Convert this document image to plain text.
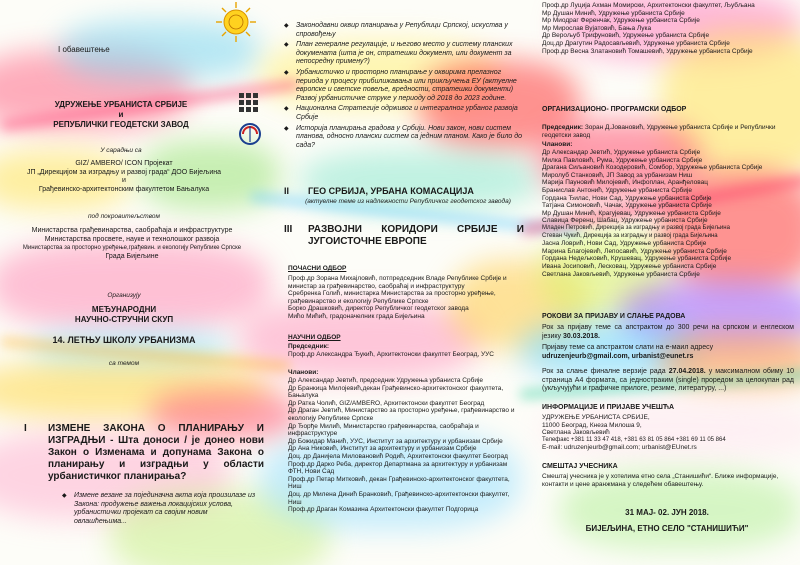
I обавештење
УДРУЖЕЊЕ УРБАНИСТА СРБИЈЕ
и
РЕПУБЛИЧКИ ГЕОДЕТСКИ ЗАВОД
У сарадњи са
GIZ/ AMBERO/ ICON Пројекат
ЈП „Дирекцијом за изградњу и развој града“ ДОО Бијељина
и
Грађевинско-архитектонским факултетом Бањалука
под покровитељством
Министарства грађевинарства, саобраћаја и инфраструктуре
Министарства просвете, науке и технолошког развоја
Министарства за просторно уређење,грађевин. и екологију Републике Српске
Града Бијељине
Организују
МЕЂУНАРОДНИ
НАУЧНО-СТРУЧНИ СКУП
14. ЛЕТЊУ ШКОЛУ УРБАНИЗМА
са темом
I	ИЗМЕНЕ ЗАКОНА О ПЛАНИРАЊУ И ИЗГРАДЊИ - Шта доноси / је донео нови Закон о Изменама и допунама Закона о планирању и изградњи у области урбанистичког планирања?
◆ Измене везане за појединачна акта која произилазе из Закона: продужење важења локацијских услова, урбанистички пројекат са својим новим овлашћењима...
◆ Законодавни оквир планирања у Републици Српској, искуства у спровођењу
◆ План генералне регулације, и његово место у систему планских докумената (шта је он, стратешки документ, или документ за непосредну примену?)
◆ Урбанистичко и просторно планирање у оквирима прелазног периода у процесу прибилижавања или прикључења ЕУ (актуелне европске и светске повеље, вредности, стратешки документи) Развој урбанистичке струке у периоду од 2018 до 2023 године.
◆ Национална Стратегије одрживог и интегралног урбаног развоја Србије
◆ Историја планирања градова у Србији. Нови закон, нови систем планова, односно плански систем са једним планом. Како је било до сада?
II	ГЕО СРБИЈА, УРБАНА КОМАСАЦИЈА
(актуелне теме из надлежности Републичког геодетског завода)
III	РАЗВОЈНИ КОРИДОРИ СРБИЈЕ И ЈУГОИСТОЧНЕ ЕВРОПЕ
ПОЧАСНИ ОДБОР
Проф.др Зорана Михајловић, потпредседник Владе Републике Србије и министар за грађевинарство, саобраћај и инфраструктуру
Сребренка Голић, министарка Министарства за просторно уређење, грађевинарство и екологију Републике Српске
Борко Драшковић, директор Републичког геодетског завода
Мићо Мићић, градоначелник града Бијељина
НАУЧНИ ОДБОР
Председник:
Проф.др Александра Ђукић, Архитектонски факултет Београд, УУС
Чланови:
Др Александар Јевтић, председник Удружења урбаниста Србије
Др Бранкица Милојевић,декан Грађевинско-архитектонског факултета, Бањалука
Др Ратка Чолић, GIZ/AMBERO, Архитектонски факултет Београд
Др Драган Јевтић, Министарство за просторно уређење, грађевинарство и екологију Републике Српске
Др Ђорђе Милић, Министарство грађевинарства, саобраћаја и инфраструктуре
Др Божидар Манић, УУС, Институт за архитектуру и урбанизам Србије
Др Ана Никовић, Институт за архитектуру и урбанизам Србије
Доц. др Данијела Миловановић Родић, Архитектонски факултет Београд
Проф.др Дарко Реба, директор Департмана за архитектуру и урбанизам ФТН, Нови Сад
Проф.др Петар Митковић, декан Грађевинско-архитектонског факултета, Ниш
Доц. др Милена Динић Бранковић, Грађевинско-архитектонски факултет, Ниш
Проф.др Драган Комазина Архитектонски факултет Подгорица
Проф.др Луција Ахман Момирски, Архитектонски факултет, Љубљана
Мр Душан Минић, Удружење урбаниста Србије
Мр Миодраг Ференчак, Удружење урбаниста Србије
Мр Мирослав Вујатовић, Бања Лука
Др Верољуб Трифуновић, Удружење урбаниста Србије
Доц.др Драгутин Радосављевић, Удружење урбаниста Србије
Проф.др Весна Златановић Томашевић, Удружење урбаниста Србије
ОРГАНИЗАЦИОНО- ПРОГРАМСКИ ОДБОР
Председник: Зоран Д.Јовановић, Удружење урбаниста Србије и Републички геодетски завод
Чланови:
Др Александар Јевтић, Удружење урбаниста Србије
Милка Павловић, Рума, Удружење урбаниста Србије
Драгана Сиљановић Козодеровић, Сомбор, Удружење урбаниста Србије
Миролуб Станковић, ЈП Завод за урбанизам Ниш
Марија Пауновић Милојевић, Инфоплан, Аранђеловац
Бранислав Антонић, Удружење урбаниста Србије
Гордана Ђилас, Нови Сад, Удружење урбаниста Србије
Татјана Симоновић, Чачак, Удружење урбаниста Србије
Мр Душан Минић, Крагујевац, Удружење урбаниста Србије
Славица Ференц, Шабац, Удружење урбаниста Србије
Младен Петровић, Дирекција за изградњу и развој града Бијељина
Стеван Чукић, Дирекција за изградњу и развој града Бијељина
Јасна Ловрић, Нови Сад, Удружење урбаниста Србије
Марина Благојевић, Лепосавић, Удружење урбаниста Србије
Гордана Недељковић, Крушевац, Удружење урбаниста Србије
Ивана Јосиповић, Лесковац, Удружење урбаниста Србије
Светлана Јаковљевић, Удружење урбаниста Србије
РОКОВИ ЗА ПРИЈАВУ И СЛАЊЕ РАДОВА
Рок за пријаву теме са апстрактом до 300 речи на српском и енглеском језику 30.03.2018.
Пријаву теме са апстрактом слати на е-маил адресу
udruzenjeurb@gmail.com, urbanist@eunet.rs
Рок за слање финалне верзије рада 27.04.2018. у максималном обиму 10 страница А4 формата, са једностраким (single) проредом за целокупан рад (укључујући и графичке прилоге, резиме, литературу, ...)
ИНФОРМАЦИЈЕ И ПРИЈАВЕ УЧЕШЋА
УДРУЖЕЊЕ УРБАНИСТА СРБИЈЕ,
11000 Београд, Кнеза Милоша 9,
Светлана Јаковљевић
Телефакс +381 11 33 47 418, +381 63 81 05 864 +381 69 11 05 864
Е-mail: udruzenjeurb@gmail.com; urbanist@EUnet.rs
СМЕШТАЈ УЧЕСНИКА
Смештај учесника је у хотелима етно села „Станишићи“. Ближе информације, контакти и цене аранжмана у следећем обавештењу.
31 МАЈ- 02. ЈУН 2018.
БИЈЕЉИНА, ЕТНО СЕЛО "СТАНИШИЋИ"
